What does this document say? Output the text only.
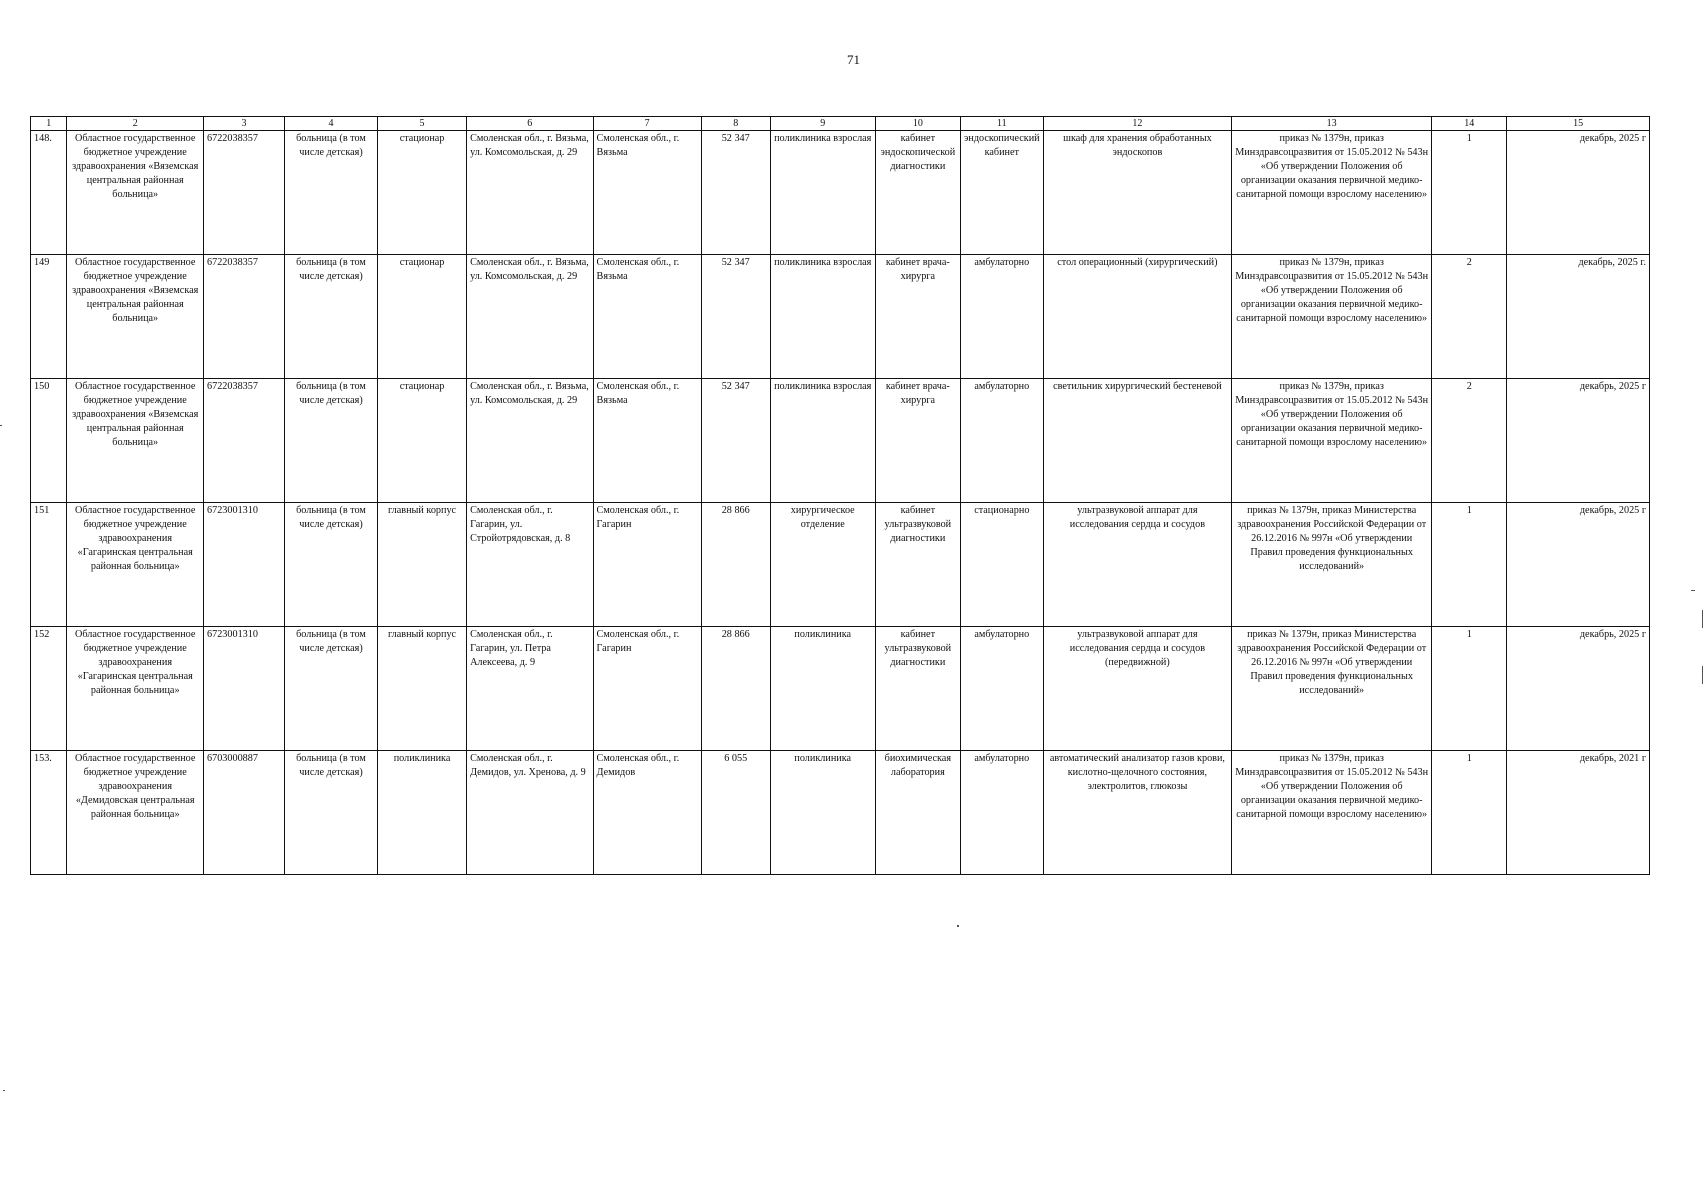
71
1	2	3	4	5	6	7	8	9	10	11	12	13	14	15
148.	Областное государственное бюджетное учреждение здравоохранения «Вяземская центральная районная больница»	6722038357	больница (в том числе детская)	стационар	Смоленская обл., г. Вязьма, ул. Комсомольская, д. 29	Смоленская обл., г. Вязьма	52 347	поликлиника взрослая	кабинет эндоскопической диагностики	эндоскопический кабинет	шкаф для хранения обработанных эндоскопов	приказ № 1379н, приказ Минздравсоцразвития от 15.05.2012 № 543н «Об утверждении Положения об организации оказания первичной медико-санитарной помощи взрослому населению»	1	декабрь, 2025 г
149	Областное государственное бюджетное учреждение здравоохранения «Вяземская центральная районная больница»	6722038357	больница (в том числе детская)	стационар	Смоленская обл., г. Вязьма, ул. Комсомольская, д. 29	Смоленская обл., г. Вязьма	52 347	поликлиника взрослая	кабинет врача-хирурга	амбулаторно	стол операционный (хирургический)	приказ № 1379н, приказ Минздравсоцразвития от 15.05.2012 № 543н «Об утверждении Положения об организации оказания первичной медико-санитарной помощи взрослому населению»	2	декабрь, 2025 г.
150	Областное государственное бюджетное учреждение здравоохранения «Вяземская центральная районная больница»	6722038357	больница (в том числе детская)	стационар	Смоленская обл., г. Вязьма, ул. Комсомольская, д. 29	Смоленская обл., г. Вязьма	52 347	поликлиника взрослая	кабинет врача-хирурга	амбулаторно	светильник хирургический бестеневой	приказ № 1379н, приказ Минздравсоцразвития от 15.05.2012 № 543н «Об утверждении Положения об организации оказания первичной медико-санитарной помощи взрослому населению»	2	декабрь, 2025 г
151	Областное государственное бюджетное учреждение здравоохранения «Гагаринская центральная районная больница»	6723001310	больница (в том числе детская)	главный корпус	Смоленская обл., г. Гагарин, ул. Стройотрядовская, д. 8	Смоленская обл., г. Гагарин	28 866	хирургическое отделение	кабинет ультразвуковой диагностики	стационарно	ультразвуковой аппарат для исследования сердца и сосудов	приказ № 1379н, приказ Министерства здравоохранения Российской Федерации от 26.12.2016 № 997н «Об утверждении Правил проведения функциональных исследований»	1	декабрь, 2025 г
152	Областное государственное бюджетное учреждение здравоохранения «Гагаринская центральная районная больница»	6723001310	больница (в том числе детская)	главный корпус	Смоленская обл., г. Гагарин, ул. Петра Алексеева, д. 9	Смоленская обл., г. Гагарин	28 866	поликлиника	кабинет ультразвуковой диагностики	амбулаторно	ультразвуковой аппарат для исследования сердца и сосудов (передвижной)	приказ № 1379н, приказ Министерства здравоохранения Российской Федерации от 26.12.2016 № 997н «Об утверждении Правил проведения функциональных исследований»	1	декабрь, 2025 г
153.	Областное государственное бюджетное учреждение здравоохранения «Демидовская центральная районная больница»	6703000887	больница (в том числе детская)	поликлиника	Смоленская обл., г. Демидов, ул. Хренова, д. 9	Смоленская обл., г. Демидов	6 055	поликлиника	биохимическая лаборатория	амбулаторно	автоматический анализатор газов крови, кислотно-щелочного состояния, электролитов, глюкозы	приказ № 1379н, приказ Минздравсоцразвития от 15.05.2012 № 543н «Об утверждении Положения об организации оказания первичной медико-санитарной помощи взрослому населению»	1	декабрь, 2021 г
